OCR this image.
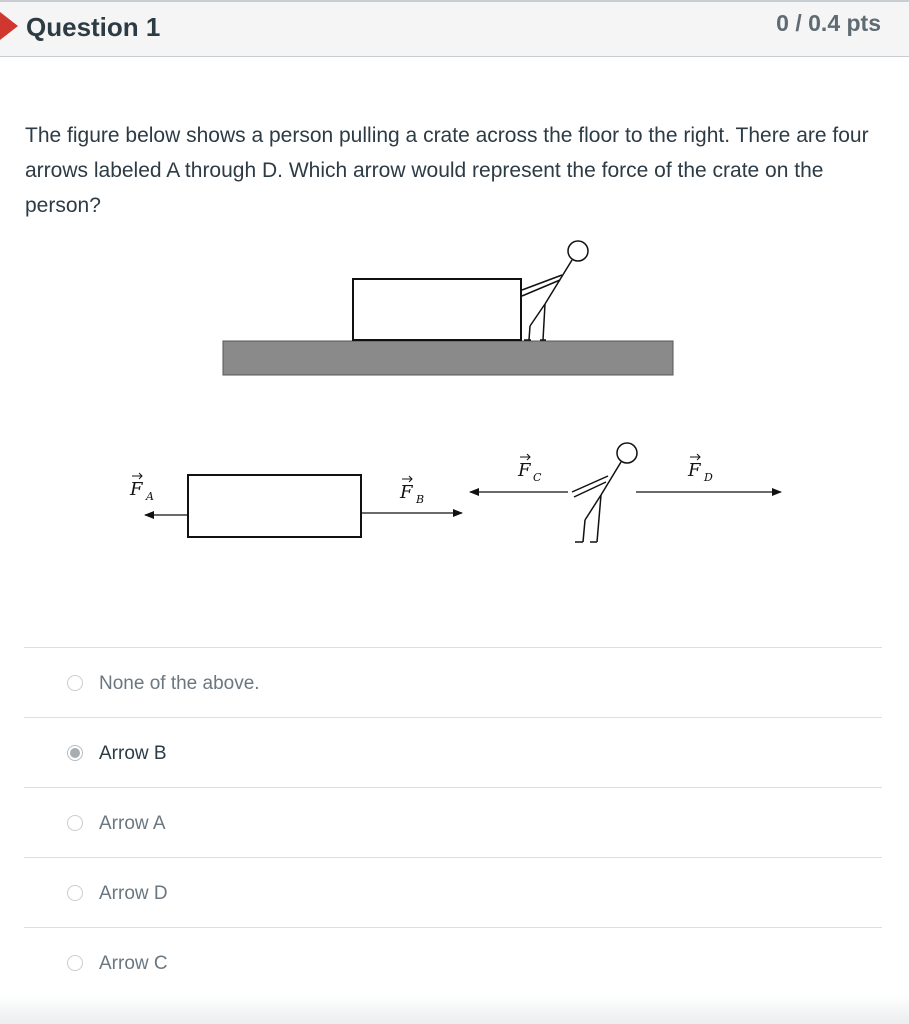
Question 1	0 / 0.4 pts
The figure below shows a person pulling a crate across the floor to the right. There are four arrows labeled A through D. Which arrow would represent the force of the crate on the person?
F A	F B
F C	F D
None of the above.
Arrow B
Arrow A
Arrow D
Arrow C
